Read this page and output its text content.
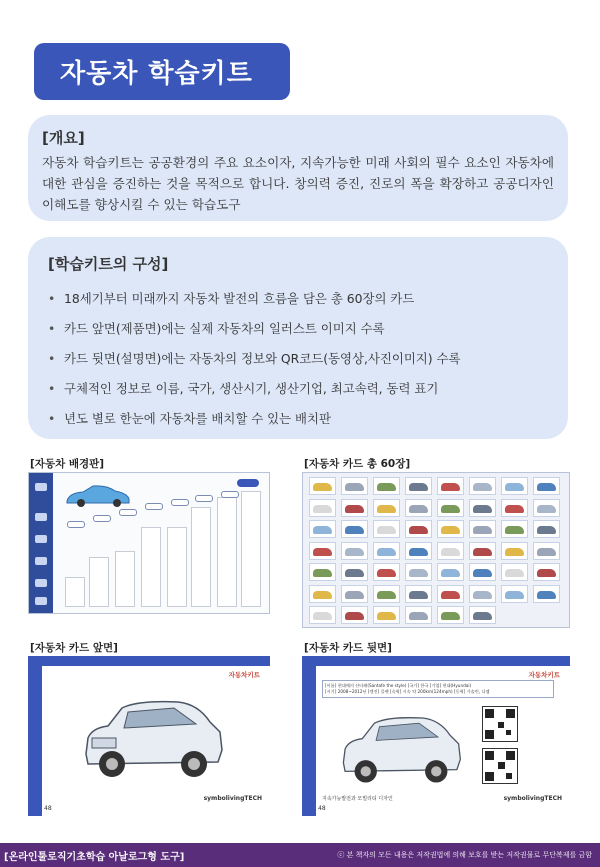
자동차 학습키트
[개요]
자동차 학습키트는 공공환경의 주요 요소이자, 지속가능한 미래 사회의 필수 요소인 자동차에 대한 관심을 증진하는 것을 목적으로 합니다. 창의력 증진, 진로의 폭을 확장하고 공공디자인 이해도를 향상시킬 수 있는 학습도구
[학습키트의 구성]
• 18세기부터 미래까지 자동차 발전의 흐름을 담은 총 60장의 카드
• 카드 앞면(제품면)에는 실제 자동차의 일러스트 이미지 수록
• 카드 뒷면(설명면)에는 자동차의 정보와 QR코드(동영상,사진이미지) 수록
• 구체적인 정보로 이름, 국가, 생산시기, 생산기업, 최고속력, 동력 표기
• 년도 별로 한눈에 자동차를 배치할 수 있는 배치판
[자동차 배경판]	[자동차 카드 총 60장]
[자동차 카드 앞면]	[자동차 카드 뒷면]
자동차키트
symbolivingTECH
48
자동차키트
[이름] 현대에의 산타페(Santafe the style) [국가] 한국 [기업] 현대(Hyundai)
[시기] 2008~2012년 [엔진] 플랫 [속력] 시속 약 200km(124mph) [동력] 가솔린, 디젤
지속가능발전과 모빌리티 디자인	symbolivingTECH
48
[온라인툴로직기초학습 아날로그형 도구]	ⓒ 본 책자의 모든 내용은 저작권법에 의해 보호를 받는 저작권물로 무단복제를 금함
